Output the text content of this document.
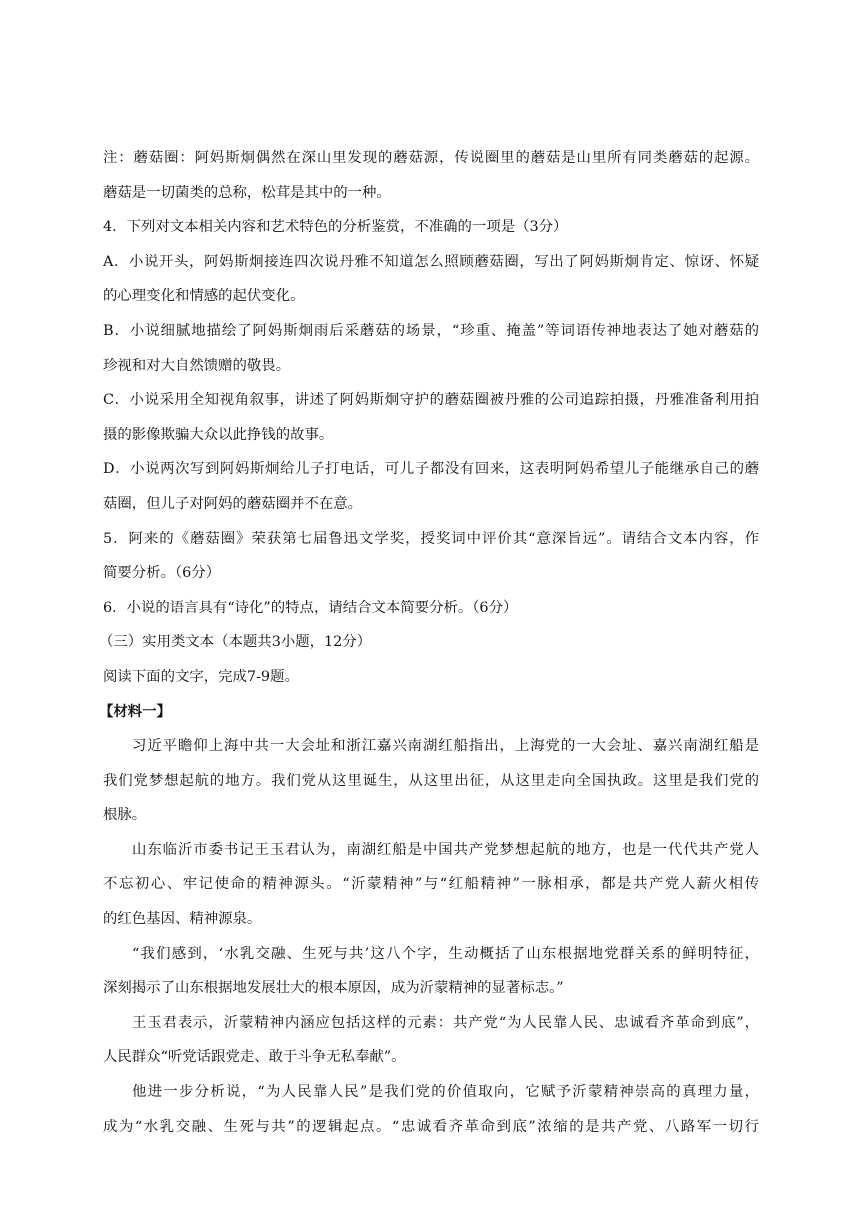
注：蘑菇圈：阿妈斯炯偶然在深山里发现的蘑菇源，传说圈里的蘑菇是山里所有同类蘑菇的起源。
蘑菇是一切菌类的总称，松茸是其中的一种。
4．下列对文本相关内容和艺术特色的分析鉴赏，不准确的一项是（3分）
A．小说开头，阿妈斯炯接连四次说丹雅不知道怎么照顾蘑菇圈，写出了阿妈斯炯肯定、惊讶、怀疑
的心理变化和情感的起伏变化。
B．小说细腻地描绘了阿妈斯炯雨后采蘑菇的场景，“珍重、掩盖”等词语传神地表达了她对蘑菇的
珍视和对大自然馈赠的敬畏。
C．小说采用全知视角叙事，讲述了阿妈斯炯守护的蘑菇圈被丹雅的公司追踪拍摄，丹雅准备利用拍
摄的影像欺骗大众以此挣钱的故事。
D．小说两次写到阿妈斯炯给儿子打电话，可儿子都没有回来，这表明阿妈希望儿子能继承自己的蘑
菇圈，但儿子对阿妈的蘑菇圈并不在意。
5．阿来的《蘑菇圈》荣获第七届鲁迅文学奖，授奖词中评价其“意深旨远”。请结合文本内容，作
简要分析。（6分）
6．小说的语言具有“诗化”的特点，请结合文本简要分析。（6分）
（三）实用类文本（本题共3小题，12分）
阅读下面的文字，完成7-9题。
【材料一】
习近平瞻仰上海中共一大会址和浙江嘉兴南湖红船指出，上海党的一大会址、嘉兴南湖红船是
我们党梦想起航的地方。我们党从这里诞生，从这里出征，从这里走向全国执政。这里是我们党的
根脉。
山东临沂市委书记王玉君认为，南湖红船是中国共产党梦想起航的地方，也是一代代共产党人
不忘初心、牢记使命的精神源头。“沂蒙精神”与“红船精神”一脉相承，都是共产党人薪火相传
的红色基因、精神源泉。
“我们感到，‘水乳交融、生死与共’这八个字，生动概括了山东根据地党群关系的鲜明特征，
深刻揭示了山东根据地发展壮大的根本原因，成为沂蒙精神的显著标志。”
王玉君表示，沂蒙精神内涵应包括这样的元素：共产党“为人民靠人民、忠诚看齐革命到底”，
人民群众“听党话跟党走、敢于斗争无私奉献”。
他进一步分析说，“为人民靠人民”是我们党的价值取向，它赋予沂蒙精神崇高的真理力量，
成为“水乳交融、生死与共”的逻辑起点。“忠诚看齐革命到底”浓缩的是共产党、八路军一切行
